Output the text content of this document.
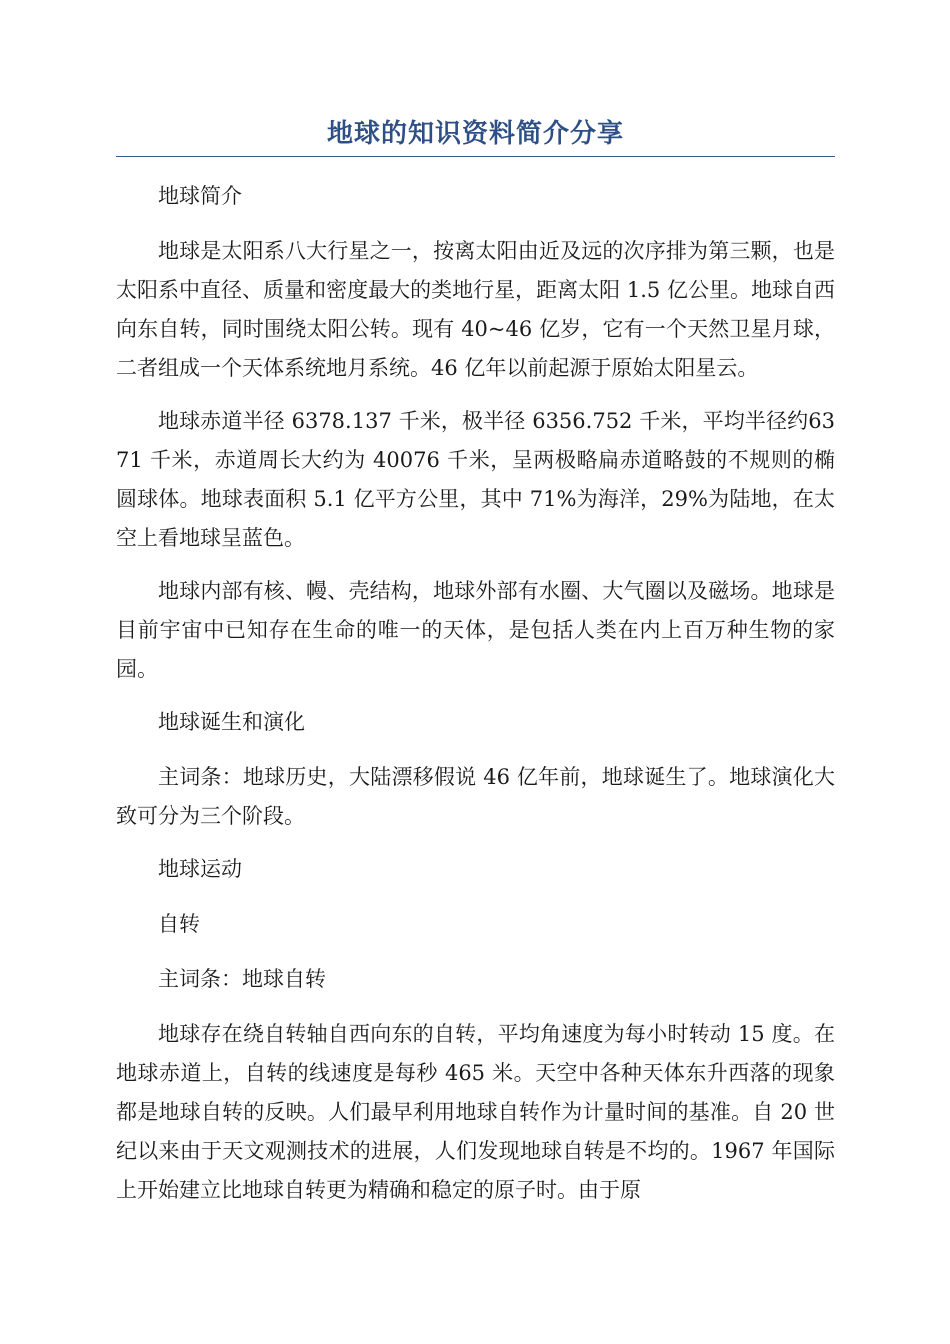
地球的知识资料简介分享

地球简介

地球是太阳系八大行星之一，按离太阳由近及远的次序排为第三颗，也是太阳系中直径、质量和密度最大的类地行星，距离太阳 1.5 亿公里。地球自西向东自转，同时围绕太阳公转。现有 40~46 亿岁，它有一个天然卫星月球，二者组成一个天体系统地月系统。46 亿年以前起源于原始太阳星云。

地球赤道半径 6378.137 千米，极半径 6356.752 千米，平均半径约6371 千米，赤道周长大约为 40076 千米，呈两极略扁赤道略鼓的不规则的椭圆球体。地球表面积 5.1 亿平方公里，其中 71%为海洋，29%为陆地，在太空上看地球呈蓝色。

地球内部有核、幔、壳结构，地球外部有水圈、大气圈以及磁场。地球是目前宇宙中已知存在生命的唯一的天体，是包括人类在内上百万种生物的家园。

地球诞生和演化

主词条：地球历史，大陆漂移假说 46 亿年前，地球诞生了。地球演化大致可分为三个阶段。

地球运动

自转

主词条：地球自转

地球存在绕自转轴自西向东的自转，平均角速度为每小时转动 15 度。在地球赤道上，自转的线速度是每秒 465 米。天空中各种天体东升西落的现象都是地球自转的反映。人们最早利用地球自转作为计量时间的基准。自 20 世纪以来由于天文观测技术的进展，人们发现地球自转是不均的。1967 年国际上开始建立比地球自转更为精确和稳定的原子时。由于原
